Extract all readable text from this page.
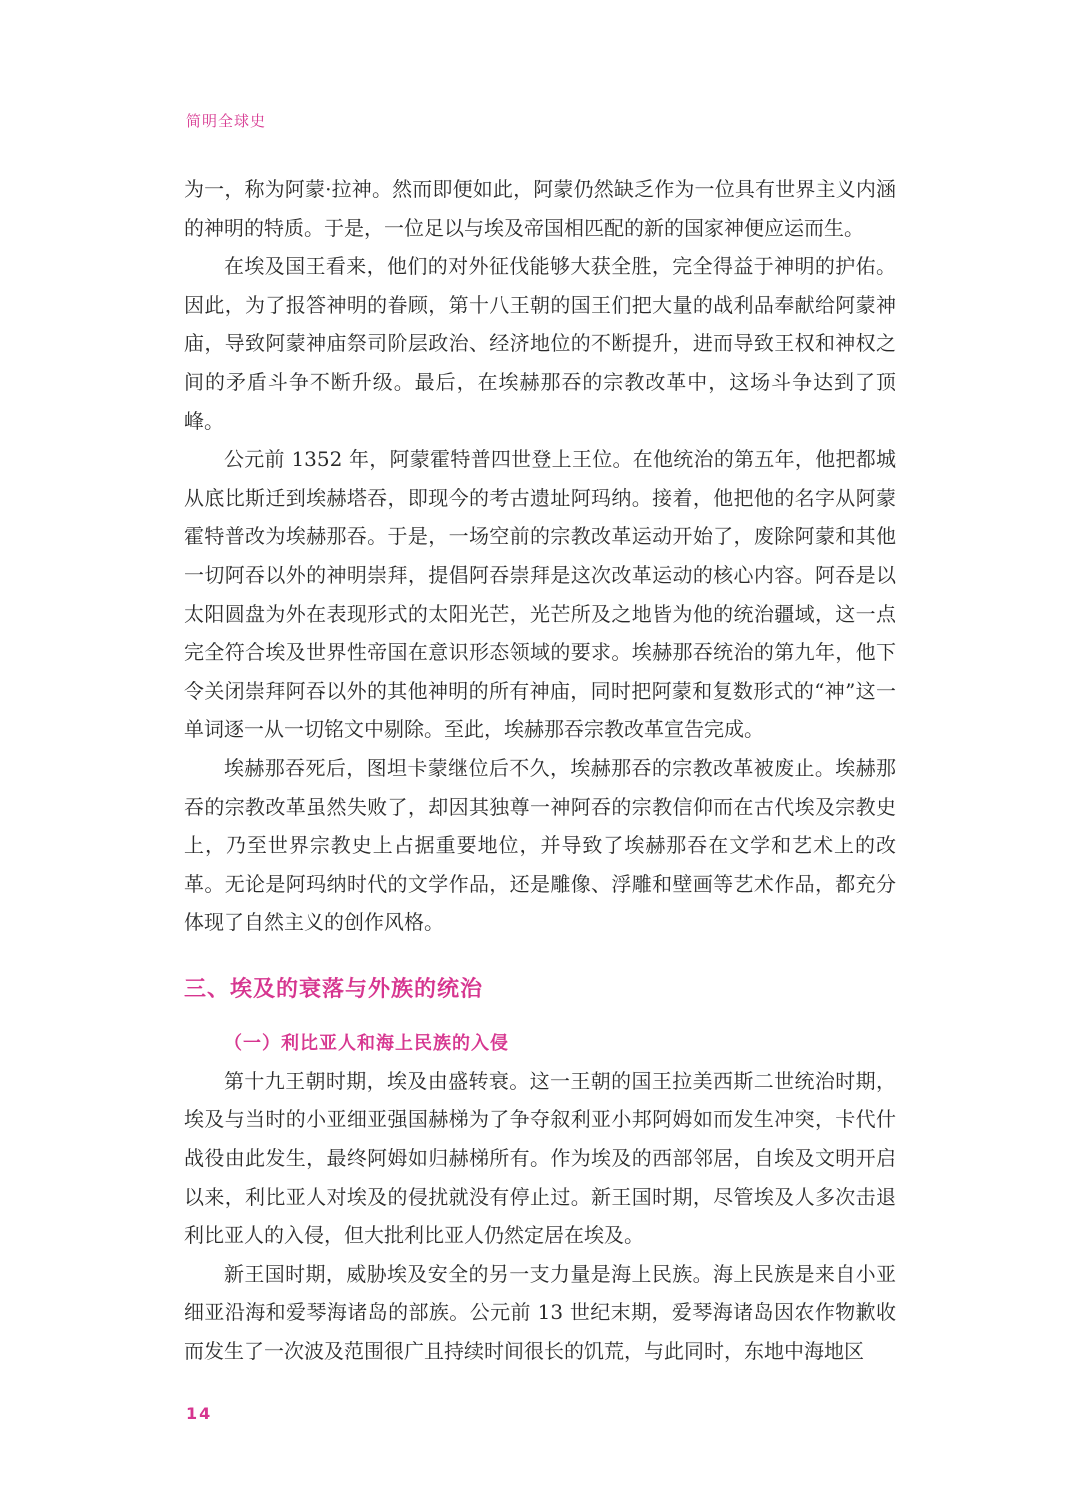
简明全球史

为一，称为阿蒙·拉神。然而即便如此，阿蒙仍然缺乏作为一位具有世界主义内涵的神明的特质。于是，一位足以与埃及帝国相匹配的新的国家神便应运而生。

在埃及国王看来，他们的对外征伐能够大获全胜，完全得益于神明的护佑。因此，为了报答神明的眷顾，第十八王朝的国王们把大量的战利品奉献给阿蒙神庙，导致阿蒙神庙祭司阶层政治、经济地位的不断提升，进而导致王权和神权之间的矛盾斗争不断升级。最后，在埃赫那吞的宗教改革中，这场斗争达到了顶峰。

公元前 1352 年，阿蒙霍特普四世登上王位。在他统治的第五年，他把都城从底比斯迁到埃赫塔吞，即现今的考古遗址阿玛纳。接着，他把他的名字从阿蒙霍特普改为埃赫那吞。于是，一场空前的宗教改革运动开始了，废除阿蒙和其他一切阿吞以外的神明崇拜，提倡阿吞崇拜是这次改革运动的核心内容。阿吞是以太阳圆盘为外在表现形式的太阳光芒，光芒所及之地皆为他的统治疆域，这一点完全符合埃及世界性帝国在意识形态领域的要求。埃赫那吞统治的第九年，他下令关闭崇拜阿吞以外的其他神明的所有神庙，同时把阿蒙和复数形式的“神”这一单词逐一从一切铭文中剔除。至此，埃赫那吞宗教改革宣告完成。

埃赫那吞死后，图坦卡蒙继位后不久，埃赫那吞的宗教改革被废止。埃赫那吞的宗教改革虽然失败了，却因其独尊一神阿吞的宗教信仰而在古代埃及宗教史上，乃至世界宗教史上占据重要地位，并导致了埃赫那吞在文学和艺术上的改革。无论是阿玛纳时代的文学作品，还是雕像、浮雕和壁画等艺术作品，都充分体现了自然主义的创作风格。

三、埃及的衰落与外族的统治
（一）利比亚人和海上民族的入侵

第十九王朝时期，埃及由盛转衰。这一王朝的国王拉美西斯二世统治时期，埃及与当时的小亚细亚强国赫梯为了争夺叙利亚小邦阿姆如而发生冲突，卡代什战役由此发生，最终阿姆如归赫梯所有。作为埃及的西部邻居，自埃及文明开启以来，利比亚人对埃及的侵扰就没有停止过。新王国时期，尽管埃及人多次击退利比亚人的入侵，但大批利比亚人仍然定居在埃及。

新王国时期，威胁埃及安全的另一支力量是海上民族。海上民族是来自小亚细亚沿海和爱琴海诸岛的部族。公元前 13 世纪末期，爱琴海诸岛因农作物歉收而发生了一次波及范围很广且持续时间很长的饥荒，与此同时，东地中海地区

14
